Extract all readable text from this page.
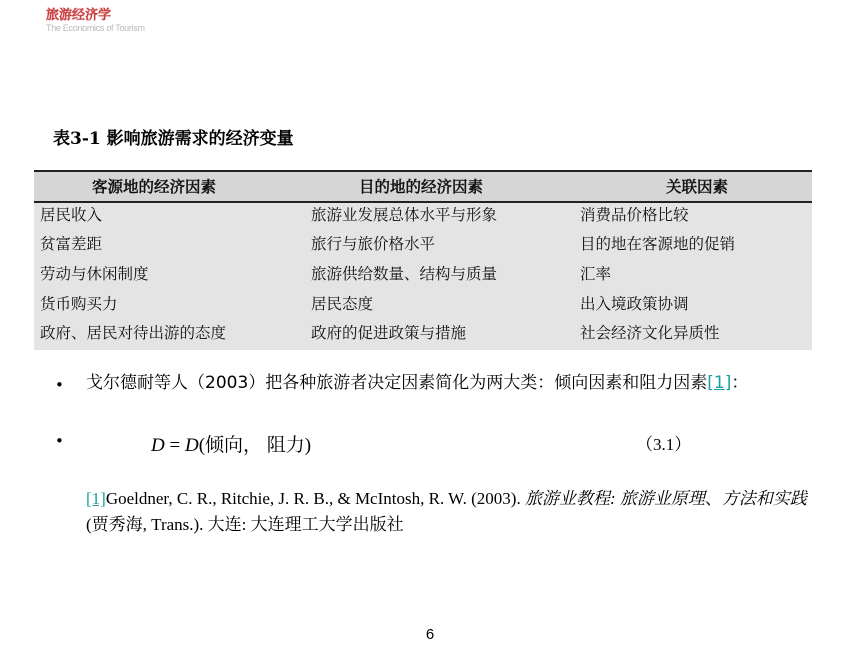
旅游经济学
The Economics of Tourism
表3-1 影响旅游需求的经济变量
客源地的经济因素	目的地的经济因素	关联因素
居民收入	旅游业发展总体水平与形象	消费品价格比较
贫富差距	旅行与旅价格水平	目的地在客源地的促销
劳动与休闲制度	旅游供给数量、结构与质量	汇率
货币购买力	居民态度	出入境政策协调
政府、居民对待出游的态度	政府的促进政策与措施	社会经济文化异质性
• 戈尔德耐等人（2003）把各种旅游者决定因素简化为两大类：倾向因素和阻力因素[1]：
•	D = D(倾向， 阻力)	（3.1）
[1]Goeldner, C. R., Ritchie, J. R. B., & McIntosh, R. W. (2003). 旅游业教程: 旅游业原理、方法和实践 (贾秀海, Trans.). 大连: 大连理工大学出版社
6
